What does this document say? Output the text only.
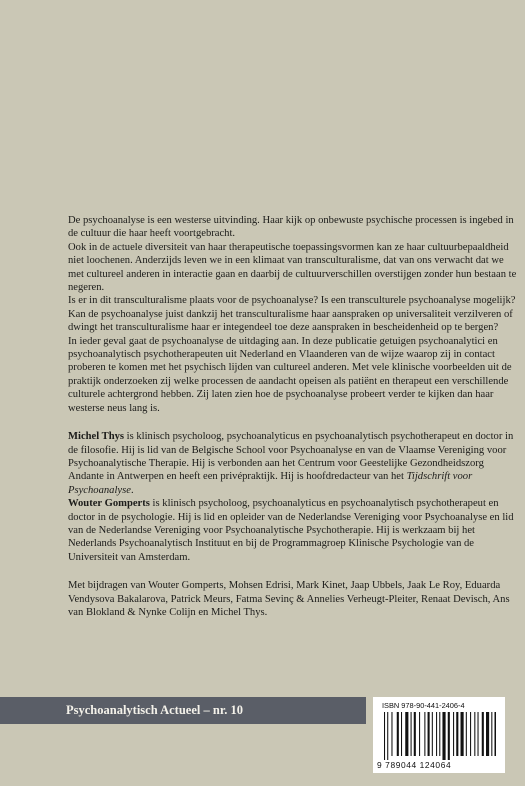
De psychoanalyse is een westerse uitvinding. Haar kijk op onbewuste psychische processen is ingebed in de cultuur die haar heeft voortgebracht.

Ook in de actuele diversiteit van haar therapeutische toepassingsvormen kan ze haar cultuurbepaaldheid niet loochenen. Anderzijds leven we in een klimaat van transculturalisme, dat van ons verwacht dat we met cultureel anderen in interactie gaan en daarbij de cultuurverschillen overstijgen zonder hun bestaan te negeren.

Is er in dit transculturalisme plaats voor de psychoanalyse? Is een transculturele psychoanalyse mogelijk? Kan de psychoanalyse juist dankzij het transculturalisme haar aanspraken op universaliteit verzilveren of dwingt het transculturalisme haar er integendeel toe deze aanspraken in bescheidenheid op te bergen?

In ieder geval gaat de psychoanalyse de uitdaging aan. In deze publicatie getuigen psychoanalytici en psychoanalytisch psychotherapeuten uit Nederland en Vlaanderen van de wijze waarop zij in contact proberen te komen met het psychisch lijden van cultureel anderen. Met vele klinische voorbeelden uit de praktijk onderzoeken zij welke processen de aandacht opeisen als patiënt en therapeut een verschillende culturele achtergrond hebben. Zij laten zien hoe de psychoanalyse probeert verder te kijken dan haar westerse neus lang is.

Michel Thys is klinisch psycholoog, psychoanalyticus en psychoanalytisch psychotherapeut en doctor in de filosofie. Hij is lid van de Belgische School voor Psychoanalyse en van de Vlaamse Vereniging voor Psychoanalytische Therapie. Hij is verbonden aan het Centrum voor Geestelijke Gezondheidszorg Andante in Antwerpen en heeft een privépraktijk. Hij is hoofdredacteur van het Tijdschrift voor Psychoanalyse.

Wouter Gomperts is klinisch psycholoog, psychoanalyticus en psychoanalytisch psychotherapeut en doctor in de psychologie. Hij is lid en opleider van de Nederlandse Vereniging voor Psychoanalyse en lid van de Nederlandse Vereniging voor Psychoanalytische Psychotherapie. Hij is werkzaam bij het Nederlands Psychoanalytisch Instituut en bij de Programmagroep Klinische Psychologie van de Universiteit van Amsterdam.

Met bijdragen van Wouter Gomperts, Mohsen Edrisi, Mark Kinet, Jaap Ubbels, Jaak Le Roy, Eduarda Vendysova Bakalarova, Patrick Meurs, Fatma Sevinç & Annelies Verheugt-Pleiter, Renaat Devisch, Ans van Blokland & Nynke Colijn en Michel Thys.

Psychoanalytisch Actueel – nr. 10	ISBN 978-90-441-2406-4
9 789044 124064
